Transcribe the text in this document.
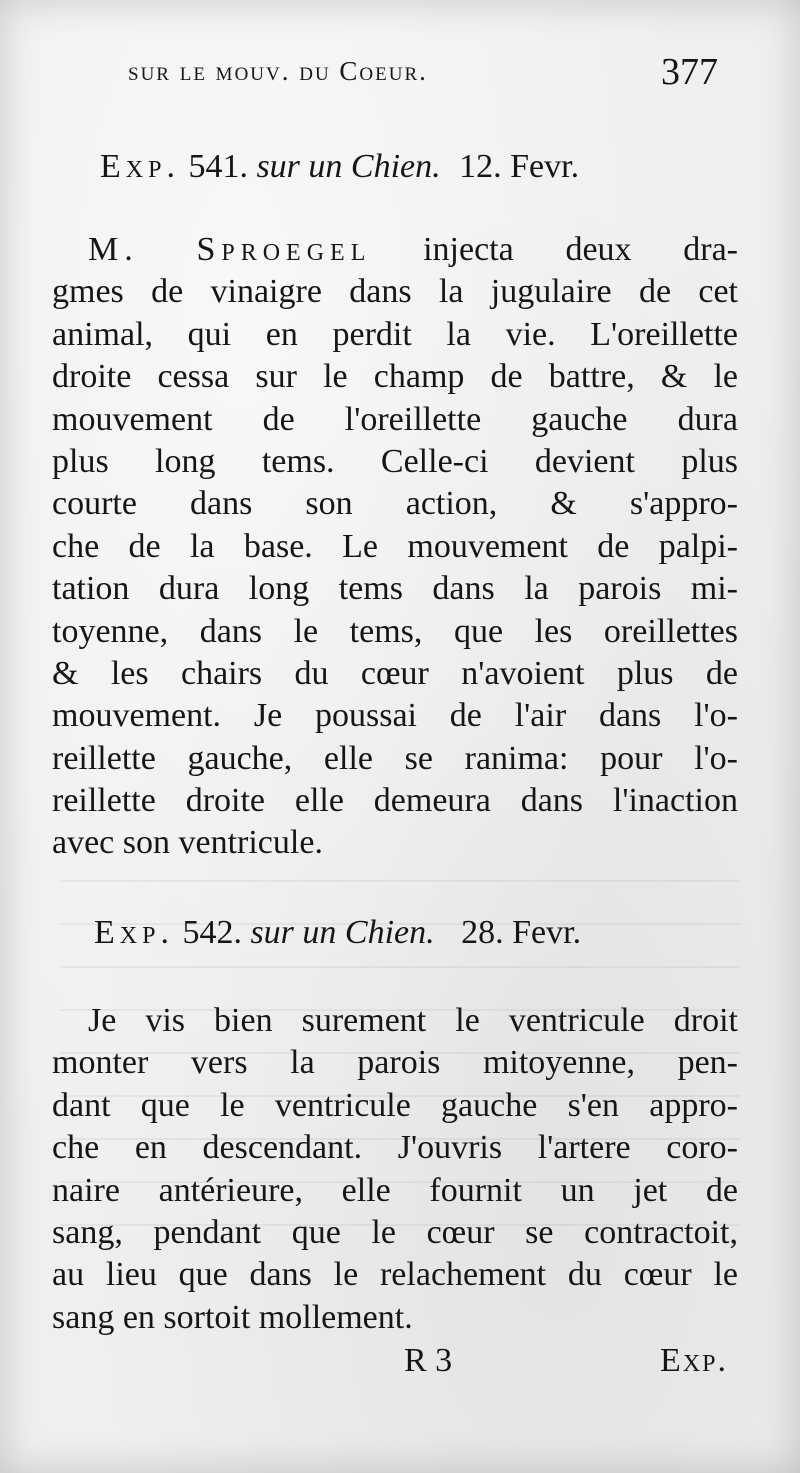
sur le mouv. du Coeur.	377
Exp. 541. sur un Chien. 12. Fevr.
M. Sproegel injecta deux dra-
gmes de vinaigre dans la jugulaire de cet
animal, qui en perdit la vie. L'oreillette
droite cessa sur le champ de battre, & le
mouvement de l'oreillette gauche dura
plus long tems. Celle-ci devient plus
courte dans son action, & s'appro-
che de la base. Le mouvement de palpi-
tation dura long tems dans la parois mi-
toyenne, dans le tems, que les oreillettes
& les chairs du cœur n'avoient plus de
mouvement. Je poussai de l'air dans l'o-
reillette gauche, elle se ranima: pour l'o-
reillette droite elle demeura dans l'inaction
avec son ventricule.
Exp. 542. sur un Chien. 28. Fevr.
Je vis bien surement le ventricule droit
monter vers la parois mitoyenne, pen-
dant que le ventricule gauche s'en appro-
che en descendant. J'ouvris l'artere coro-
naire antérieure, elle fournit un jet de
sang, pendant que le cœur se contractoit,
au lieu que dans le relachement du cœur le
sang en sortoit mollement.
R 3	Exp.
